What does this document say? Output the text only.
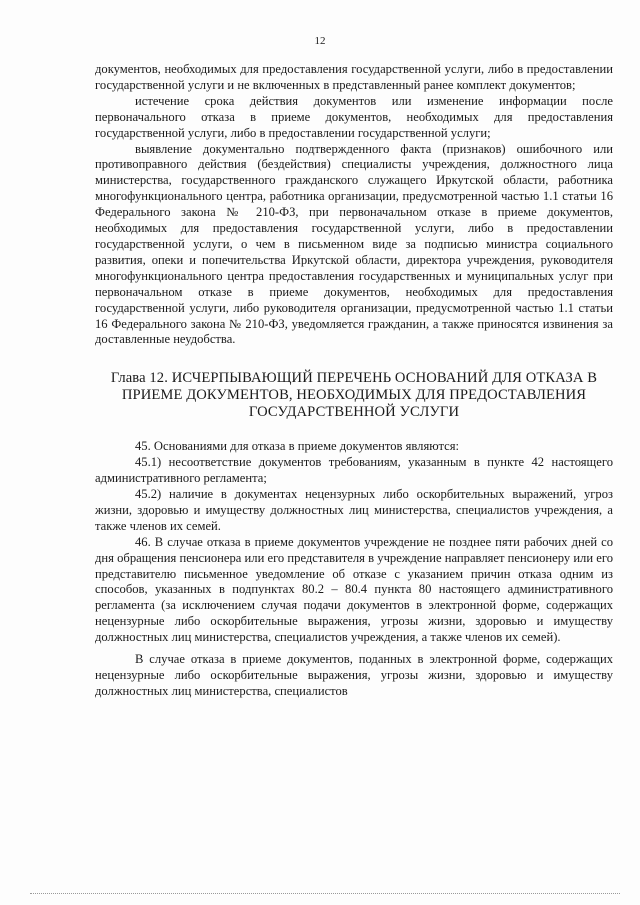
12

документов, необходимых для предоставления государственной услуги, либо в предоставлении государственной услуги и не включенных в представленный ранее комплект документов;

истечение срока действия документов или изменение информации после первоначального отказа в приеме документов, необходимых для предоставления государственной услуги, либо в предоставлении государственной услуги;

выявление документально подтвержденного факта (признаков) ошибочного или противоправного действия (бездействия) специалисты учреждения, должностного лица министерства, государственного гражданского служащего Иркутской области, работника многофункционального центра, работника организации, предусмотренной частью 1.1 статьи 16 Федерального закона № 210-ФЗ, при первоначальном отказе в приеме документов, необходимых для предоставления государственной услуги, либо в предоставлении государственной услуги, о чем в письменном виде за подписью министра социального развития, опеки и попечительства Иркутской области, директора учреждения, руководителя многофункционального центра предоставления государственных и муниципальных услуг при первоначальном отказе в приеме документов, необходимых для предоставления государственной услуги, либо руководителя организации, предусмотренной частью 1.1 статьи 16 Федерального закона № 210-ФЗ, уведомляется гражданин, а также приносятся извинения за доставленные неудобства.

Глава 12. ИСЧЕРПЫВАЮЩИЙ ПЕРЕЧЕНЬ ОСНОВАНИЙ ДЛЯ ОТКАЗА В ПРИЕМЕ ДОКУМЕНТОВ, НЕОБХОДИМЫХ ДЛЯ ПРЕДОСТАВЛЕНИЯ ГОСУДАРСТВЕННОЙ УСЛУГИ

45. Основаниями для отказа в приеме документов являются:

45.1) несоответствие документов требованиям, указанным в пункте 42 настоящего административного регламента;

45.2) наличие в документах нецензурных либо оскорбительных выражений, угроз жизни, здоровью и имуществу должностных лиц министерства, специалистов учреждения, а также членов их семей.

46. В случае отказа в приеме документов учреждение не позднее пяти рабочих дней со дня обращения пенсионера или его представителя в учреждение направляет пенсионеру или его представителю письменное уведомление об отказе с указанием причин отказа одним из способов, указанных в подпунктах 80.2 – 80.4 пункта 80 настоящего административного регламента (за исключением случая подачи документов в электронной форме, содержащих нецензурные либо оскорбительные выражения, угрозы жизни, здоровью и имуществу должностных лиц министерства, специалистов учреждения, а также членов их семей).

В случае отказа в приеме документов, поданных в электронной форме, содержащих нецензурные либо оскорбительные выражения, угрозы жизни, здоровью и имуществу должностных лиц министерства, специалистов
